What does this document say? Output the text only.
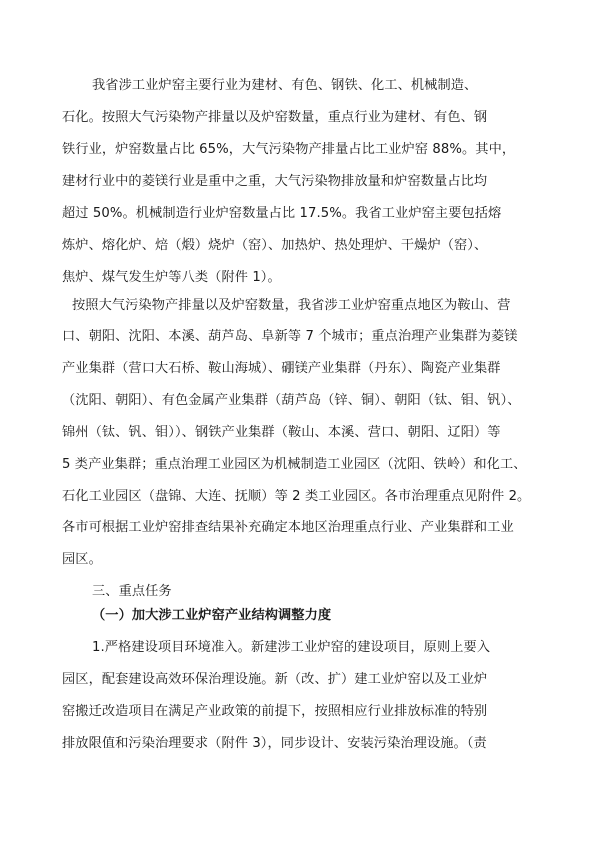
我省涉工业炉窑主要行业为建材、有色、钢铁、化工、机械制造、
石化。按照大气污染物产排量以及炉窑数量，重点行业为建材、有色、钢
铁行业，炉窑数量占比 65%，大气污染物产排量占比工业炉窑 88%。其中，
建材行业中的菱镁行业是重中之重，大气污染物排放量和炉窑数量占比均
超过 50%。机械制造行业炉窑数量占比 17.5%。我省工业炉窑主要包括熔
炼炉、熔化炉、焙（煅）烧炉（窑）、加热炉、热处理炉、干燥炉（窑）、
焦炉、煤气发生炉等八类（附件 1）。
按照大气污染物产排量以及炉窑数量，我省涉工业炉窑重点地区为鞍山、营
口、朝阳、沈阳、本溪、葫芦岛、阜新等 7 个城市；重点治理产业集群为菱镁
产业集群（营口大石桥、鞍山海城）、硼镁产业集群（丹东）、陶瓷产业集群
（沈阳、朝阳）、有色金属产业集群（葫芦岛（锌、铜）、朝阳（钛、钼、钒）、
锦州（钛、钒、钼））、钢铁产业集群（鞍山、本溪、营口、朝阳、辽阳）等
5 类产业集群；重点治理工业园区为机械制造工业园区（沈阳、铁岭）和化工、
石化工业园区（盘锦、大连、抚顺）等 2 类工业园区。各市治理重点见附件 2。
各市可根据工业炉窑排查结果补充确定本地区治理重点行业、产业集群和工业
园区。
三、重点任务
（一）加大涉工业炉窑产业结构调整力度
1.严格建设项目环境准入。新建涉工业炉窑的建设项目，原则上要入
园区，配套建设高效环保治理设施。新（改、扩）建工业炉窑以及工业炉
窑搬迁改造项目在满足产业政策的前提下，按照相应行业排放标准的特别
排放限值和污染治理要求（附件 3），同步设计、安装污染治理设施。（责
